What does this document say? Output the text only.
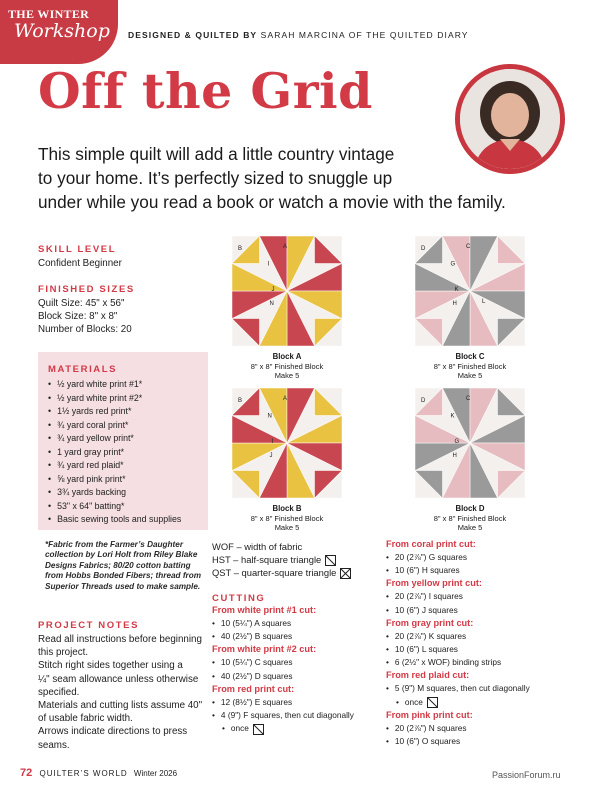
THE WINTER
Workshop DESIGNED & QUILTED BY SARAH MARCINA OF THE QUILTED DIARY
Off the Grid
This simple quilt will add a little country vintage
to your home. It’s perfectly sized to snuggle up
under while you read a book or watch a movie with the family.
SKILL LEVEL
Confident Beginner
FINISHED SIZES
Quilt Size: 45" x 56"
Block Size: 8" x 8"
Number of Blocks: 20
MATERIALS
• ½ yard white print #1*
• ½ yard white print #2*
• 1½ yards red print*
• ¾ yard coral print*
• ¾ yard yellow print*
• 1 yard gray print*
• ¾ yard red plaid*
• ⅝ yard pink print*
• 3¾ yards backing
• 53" x 64" batting*
• Basic sewing tools and supplies
*Fabric from the Farmer’s Daughter collection by Lori Holt from Riley Blake Designs Fabrics; 80/20 cotton batting from Hobbs Bonded Fibers; thread from Superior Threads used to make sample.
PROJECT NOTES
Read all instructions before beginning
this project.
Stitch right sides together using a
¼" seam allowance unless otherwise
specified.
Materials and cutting lists assume 40"
of usable fabric width.
Arrows indicate directions to press
seams.
B	A
I
J
N
Block A
8" x 8" Finished Block
Make 5
D	C
G
K
H	L
Block C
8" x 8" Finished Block
Make 5
B	A
N
I
J
Block B
8" x 8" Finished Block
Make 5
D	C
K
G
H
Block D
8" x 8" Finished Block
Make 5
WOF – width of fabric
HST – half-square triangle
QST – quarter-square triangle
CUTTING
From white print #1 cut:
• 10 (5¼") A squares
• 40 (2½") B squares
From white print #2 cut:
• 10 (5¼") C squares
• 40 (2½") D squares
From red print cut:
• 12 (8½") E squares
• 4 (9") F squares, then cut diagonally
• once
From coral print cut:
• 20 (2⅞") G squares
• 10 (6") H squares
From yellow print cut:
• 20 (2⅞") I squares
• 10 (6") J squares
From gray print cut:
• 20 (2⅞") K squares
• 10 (6") L squares
• 6 (2½" x WOF) binding strips
From red plaid cut:
• 5 (9") M squares, then cut diagonally
• once
From pink print cut:
• 20 (2⅞") N squares
• 10 (6") O squares
72 QUILTER’S WORLD Winter 2026	PassionForum.ru
